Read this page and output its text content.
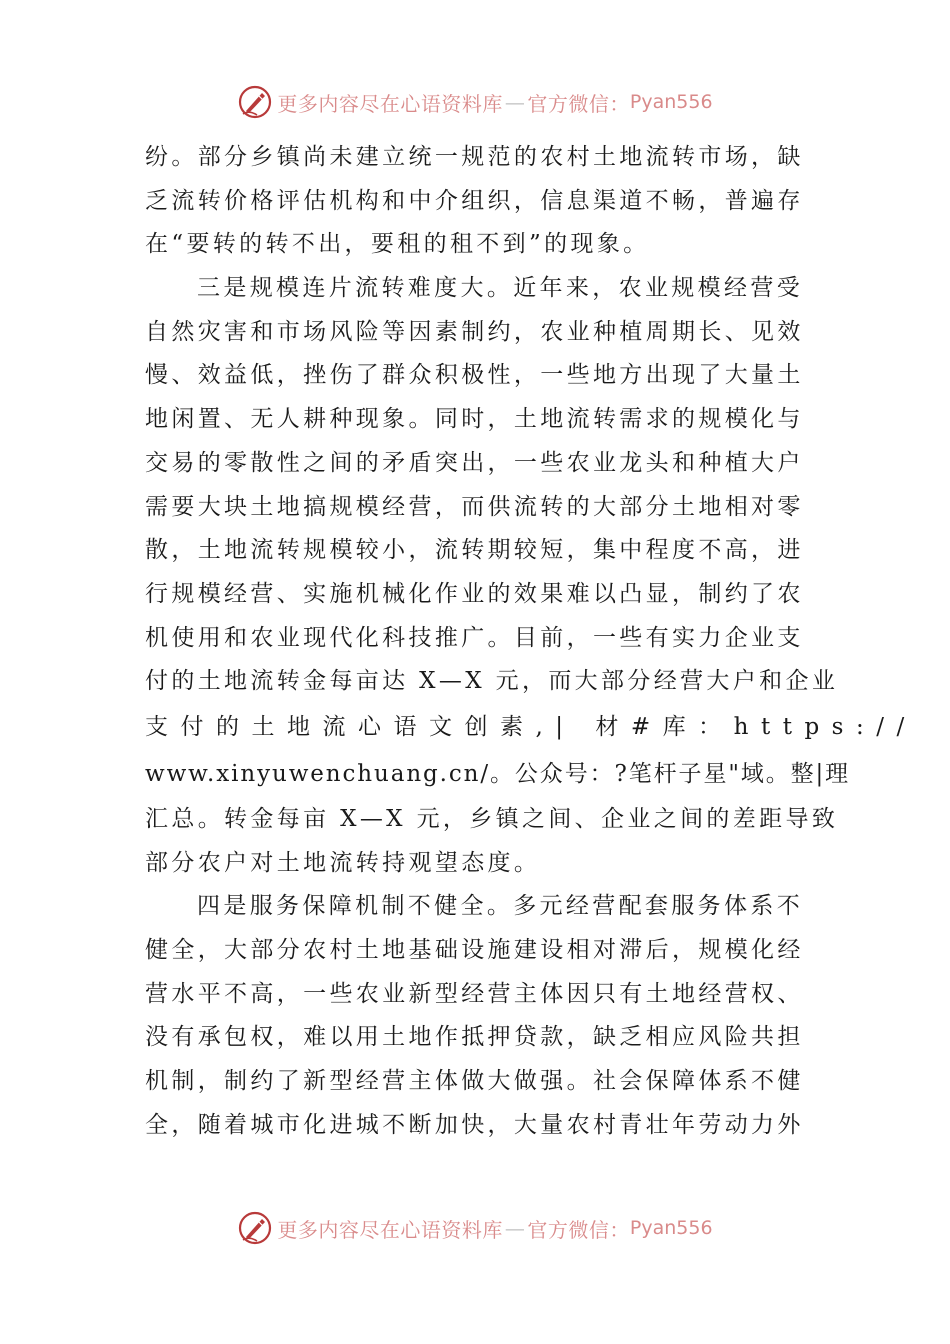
更多内容尽在心语资料库 — 官方微信： Pyan556
纷。部分乡镇尚未建立统一规范的农村土地流转市场，缺
乏流转价格评估机构和中介组织，信息渠道不畅，普遍存
在“要转的转不出，要租的租不到”的现象。
三是规模连片流转难度大。近年来，农业规模经营受
自然灾害和市场风险等因素制约，农业种植周期长、见效
慢、效益低，挫伤了群众积极性，一些地方出现了大量土
地闲置、无人耕种现象。同时，土地流转需求的规模化与
交易的零散性之间的矛盾突出，一些农业龙头和种植大户
需要大块土地搞规模经营，而供流转的大部分土地相对零
散，土地流转规模较小，流转期较短，集中程度不高，进
行规模经营、实施机械化作业的效果难以凸显，制约了农
机使用和农业现代化科技推广。目前，一些有实力企业支
付的土地流转金每亩达 X—X 元，而大部分经营大户和企业
支付的土地流心语文创素,| 材#库：https://
www.xinyuwenchuang.cn/。公众号：?笔杆子星"域。整|理
汇总。转金每亩 X—X 元，乡镇之间、企业之间的差距导致
部分农户对土地流转持观望态度。
四是服务保障机制不健全。多元经营配套服务体系不
健全，大部分农村土地基础设施建设相对滞后，规模化经
营水平不高，一些农业新型经营主体因只有土地经营权、
没有承包权，难以用土地作抵押贷款，缺乏相应风险共担
机制，制约了新型经营主体做大做强。社会保障体系不健
全，随着城市化进城不断加快，大量农村青壮年劳动力外
更多内容尽在心语资料库 — 官方微信： Pyan556
